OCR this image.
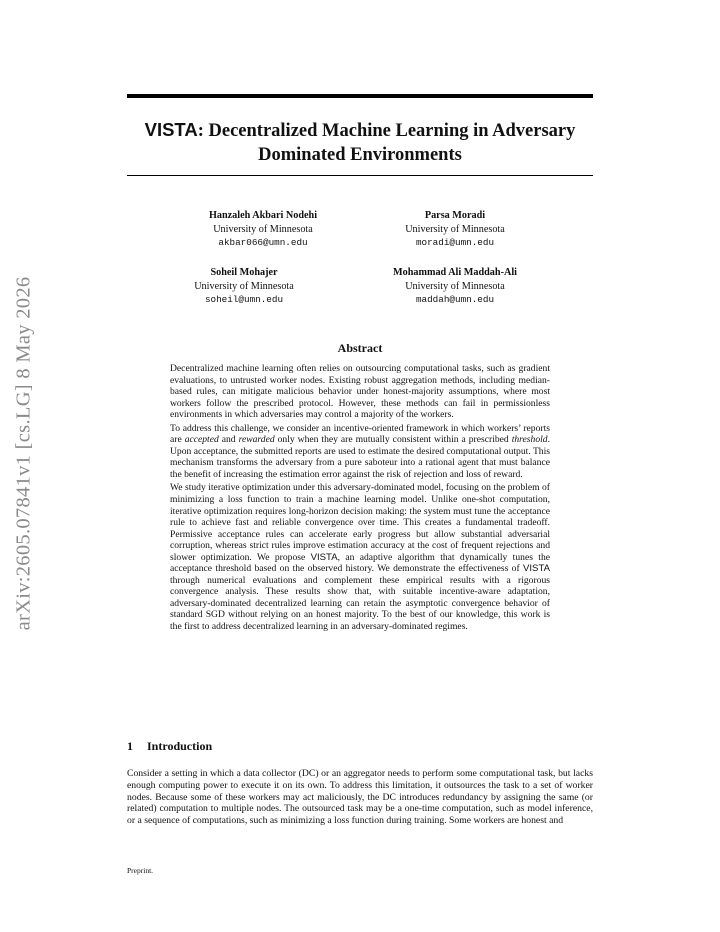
arXiv:2605.07841v1 [cs.LG] 8 May 2026
VISTA: Decentralized Machine Learning in Adversary Dominated Environments
Hanzaleh Akbari Nodehi
University of Minnesota
akbar066@umn.edu
Parsa Moradi
University of Minnesota
moradi@umn.edu
Soheil Mohajer
University of Minnesota
soheil@umn.edu
Mohammad Ali Maddah-Ali
University of Minnesota
maddah@umn.edu
Abstract

Decentralized machine learning often relies on outsourcing computational tasks, such as gradient evaluations, to untrusted worker nodes. Existing robust aggregation methods, including median-based rules, can mitigate malicious behavior under honest-majority assumptions, where most workers follow the prescribed protocol. However, these methods can fail in permissionless environments in which adversaries may control a majority of the workers.

To address this challenge, we consider an incentive-oriented framework in which workers’ reports are accepted and rewarded only when they are mutually consistent within a prescribed threshold. Upon acceptance, the submitted reports are used to estimate the desired computational output. This mechanism transforms the adversary from a pure saboteur into a rational agent that must balance the benefit of increasing the estimation error against the risk of rejection and loss of reward.

We study iterative optimization under this adversary-dominated model, focusing on the problem of minimizing a loss function to train a machine learning model. Unlike one-shot computation, iterative optimization requires long-horizon decision making: the system must tune the acceptance rule to achieve fast and reliable convergence over time. This creates a fundamental tradeoff. Permissive acceptance rules can accelerate early progress but allow substantial adversarial corruption, whereas strict rules improve estimation accuracy at the cost of frequent rejections and slower optimization. We propose VISTA, an adaptive algorithm that dynamically tunes the acceptance threshold based on the observed history. We demonstrate the effectiveness of VISTA through numerical evaluations and complement these empirical results with a rigorous convergence analysis. These results show that, with suitable incentive-aware adaptation, adversary-dominated decentralized learning can retain the asymptotic convergence behavior of standard SGD without relying on an honest majority. To the best of our knowledge, this work is the first to address decentralized learning in an adversary-dominated regimes.

1 Introduction

Consider a setting in which a data collector (DC) or an aggregator needs to perform some computational task, but lacks enough computing power to execute it on its own. To address this limitation, it outsources the task to a set of worker nodes. Because some of these workers may act maliciously, the DC introduces redundancy by assigning the same (or related) computation to multiple nodes. The outsourced task may be a one-time computation, such as model inference, or a sequence of computations, such as minimizing a loss function during training. Some workers are honest and

Preprint.
